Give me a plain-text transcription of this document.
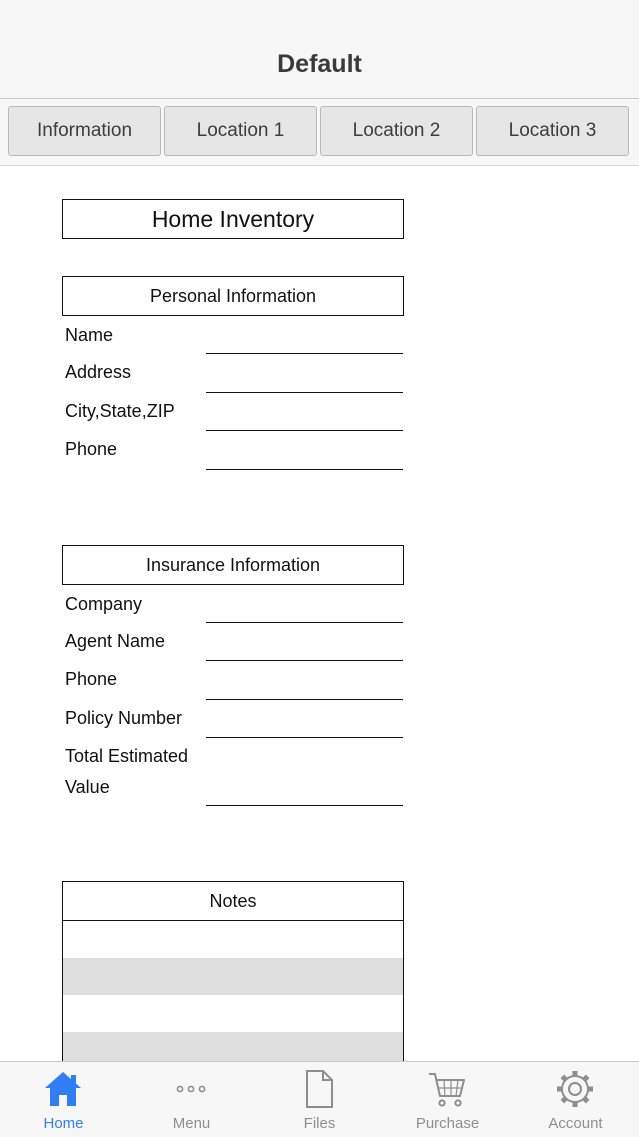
Default
Information	Location 1	Location 2	Location 3
Home Inventory
Personal Information
Name
Address
City,State,ZIP
Phone
Insurance Information
Company
Agent Name
Phone
Policy Number
Total Estimated
Value
Notes
Home	Menu	Files	Purchase	Account
